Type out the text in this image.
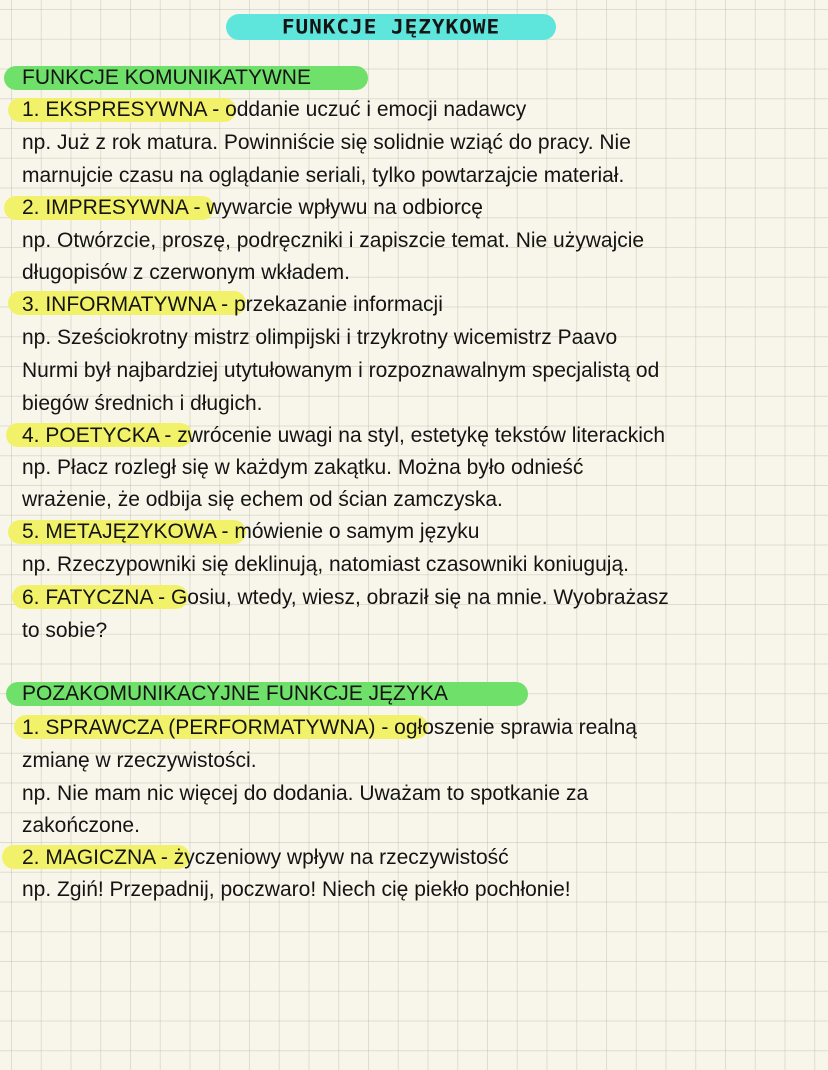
FUNKCJE JĘZYKOWE
FUNKCJE KOMUNIKATYWNE
1. EKSPRESYWNA - oddanie uczuć i emocji nadawcy
np. Już z rok matura. Powinniście się solidnie wziąć do pracy. Nie
marnujcie czasu na oglądanie seriali, tylko powtarzajcie materiał.
2. IMPRESYWNA - wywarcie wpływu na odbiorcę
np. Otwórzcie, proszę, podręczniki i zapiszcie temat. Nie używajcie
długopisów z czerwonym wkładem.
3. INFORMATYWNA - przekazanie informacji
np. Sześciokrotny mistrz olimpijski i trzykrotny wicemistrz Paavo
Nurmi był najbardziej utytułowanym i rozpoznawalnym specjalistą od
biegów średnich i długich.
4. POETYCKA - zwrócenie uwagi na styl, estetykę tekstów literackich
np. Płacz rozległ się w każdym zakątku. Można było odnieść
wrażenie, że odbija się echem od ścian zamczyska.
5. METAJĘZYKOWA - mówienie o samym języku
np. Rzeczypowniki się deklinują, natomiast czasowniki koniugują.
6. FATYCZNA - Gosiu, wtedy, wiesz, obraził się na mnie. Wyobrażasz
to sobie?
POZAKOMUNIKACYJNE FUNKCJE JĘZYKA
1. SPRAWCZA (PERFORMATYWNA) - ogłoszenie sprawia realną
zmianę w rzeczywistości.
np. Nie mam nic więcej do dodania. Uważam to spotkanie za
zakończone.
2. MAGICZNA - życzeniowy wpływ na rzeczywistość
np. Zgiń! Przepadnij, poczwaro! Niech cię piekło pochłonie!
